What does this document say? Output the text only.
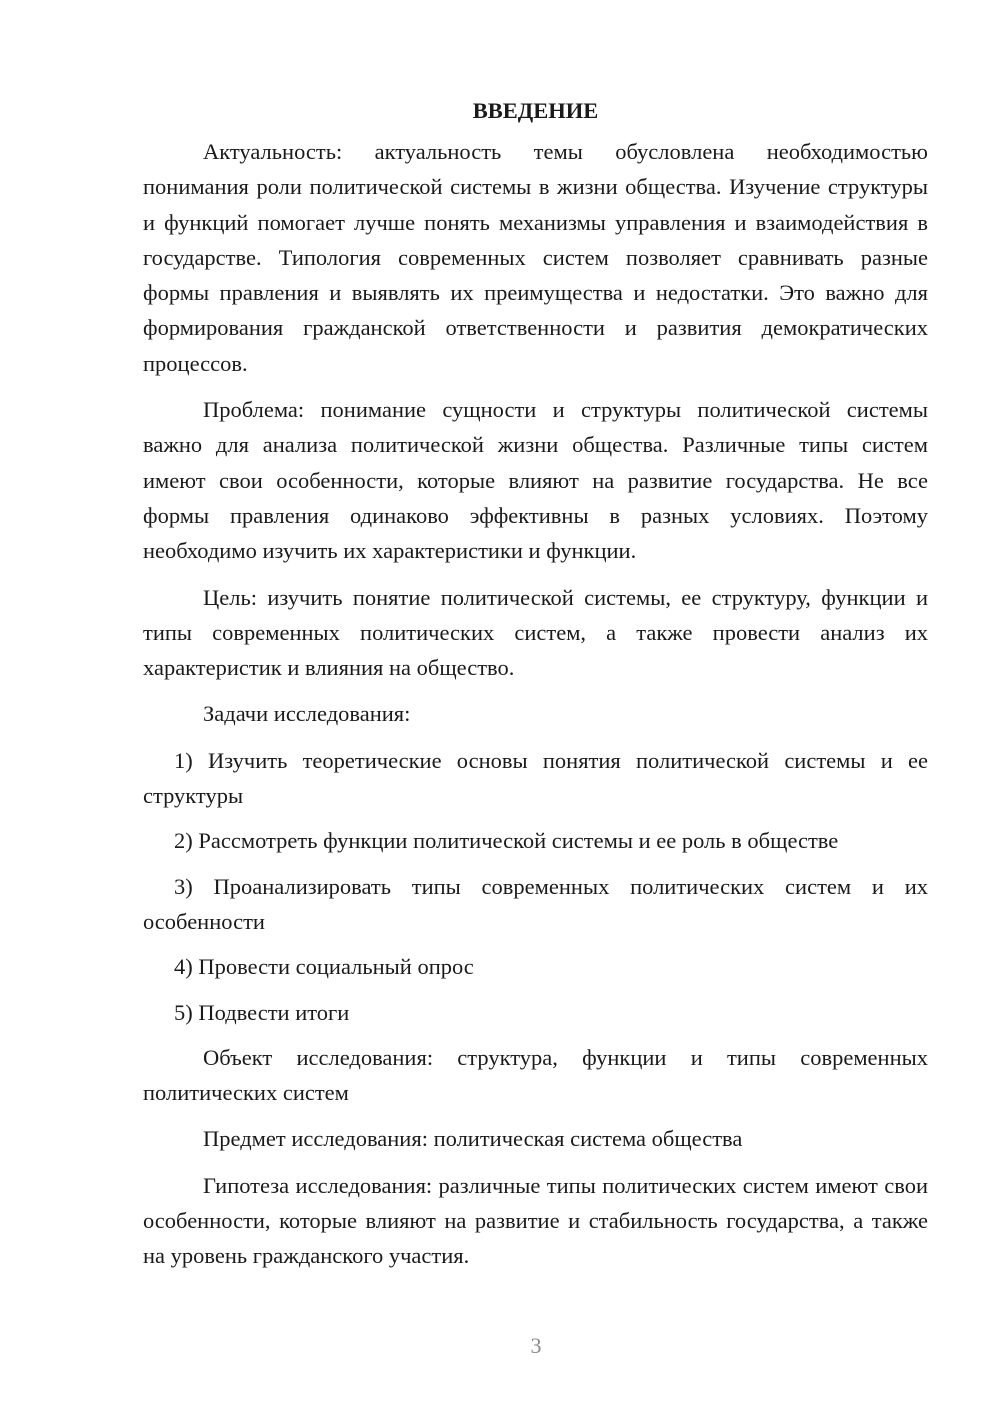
ВВЕДЕНИЕ

Актуальность: актуальность темы обусловлена необходимостью понимания роли политической системы в жизни общества. Изучение структуры и функций помогает лучше понять механизмы управления и взаимодействия в государстве. Типология современных систем позволяет сравнивать разные формы правления и выявлять их преимущества и недостатки. Это важно для формирования гражданской ответственности и развития демократических процессов.

Проблема: понимание сущности и структуры политической системы важно для анализа политической жизни общества. Различные типы систем имеют свои особенности, которые влияют на развитие государства. Не все формы правления одинаково эффективны в разных условиях. Поэтому необходимо изучить их характеристики и функции.

Цель: изучить понятие политической системы, ее структуру, функции и типы современных политических систем, а также провести анализ их характеристик и влияния на общество.

Задачи исследования:

1) Изучить теоретические основы понятия политической системы и ее структуры

2) Рассмотреть функции политической системы и ее роль в обществе

3) Проанализировать типы современных политических систем и их особенности

4) Провести социальный опрос

5) Подвести итоги

Объект исследования: структура, функции и типы современных политических систем

Предмет исследования: политическая система общества

Гипотеза исследования: различные типы политических систем имеют свои особенности, которые влияют на развитие и стабильность государства, а также на уровень гражданского участия.

3
